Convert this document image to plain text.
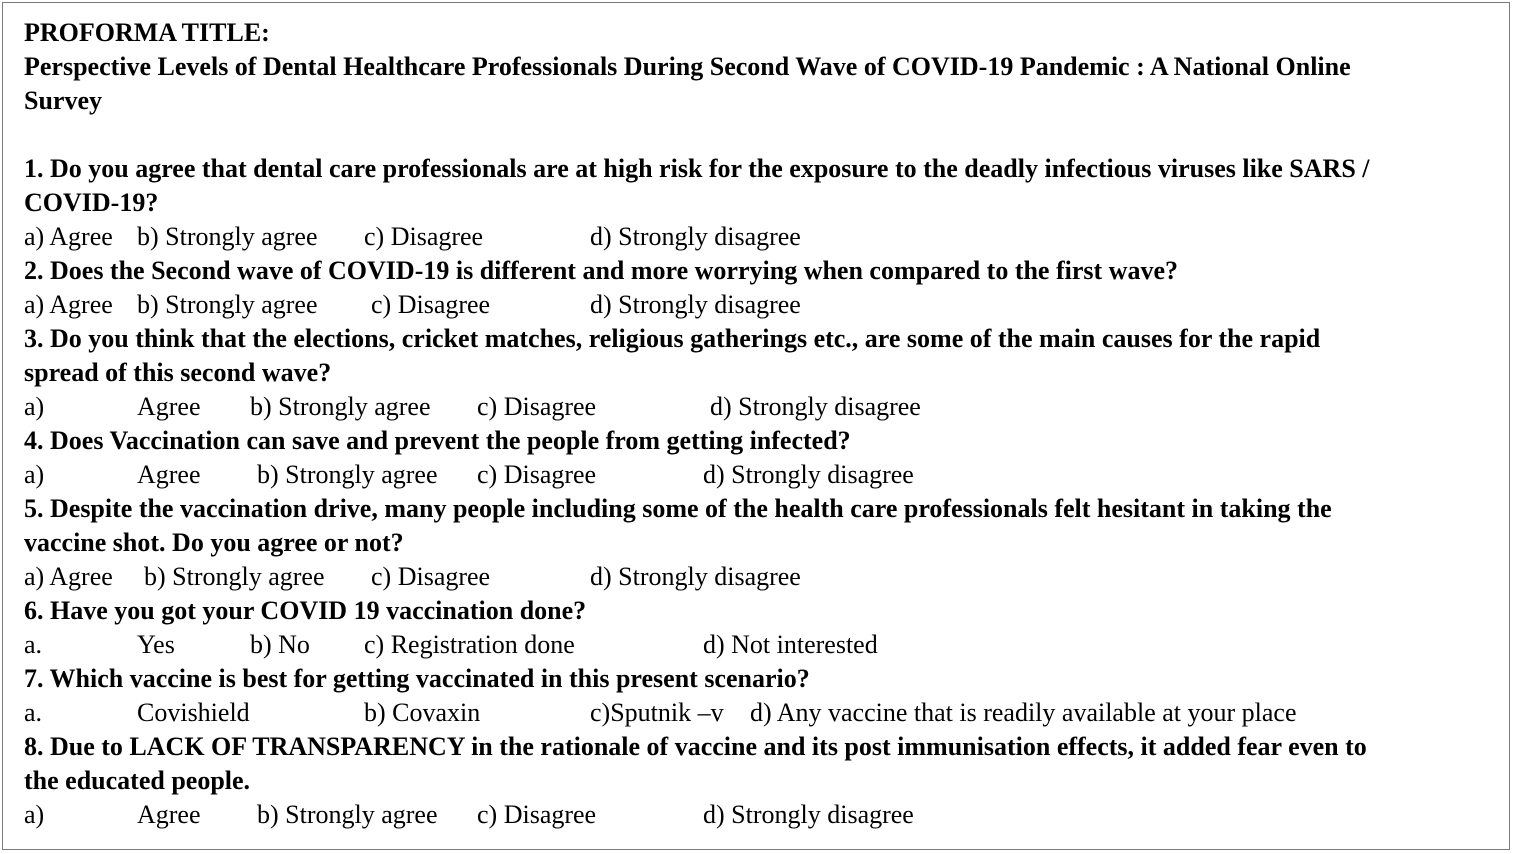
PROFORMA TITLE:
Perspective Levels of Dental Healthcare Professionals During Second Wave of COVID-19 Pandemic : A National Online
Survey
1. Do you agree that dental care professionals are at high risk for the exposure to the deadly infectious viruses like SARS /
COVID-19?
a) Agree b) Strongly agree c) Disagree	d) Strongly disagree
2. Does the Second wave of COVID-19 is different and more worrying when compared to the first wave?
a) Agree b) Strongly agree c) Disagree	d) Strongly disagree
3. Do you think that the elections, cricket matches, religious gatherings etc., are some of the main causes for the rapid
spread of this second wave?
a)	Agree b) Strongly agree c) Disagree	d) Strongly disagree
4. Does Vaccination can save and prevent the people from getting infected?
a)	Agree b) Strongly agree c) Disagree	d) Strongly disagree
5. Despite the vaccination drive, many people including some of the health care professionals felt hesitant in taking the
vaccine shot. Do you agree or not?
a) Agree b) Strongly agree c) Disagree	d) Strongly disagree
6. Have you got your COVID 19 vaccination done?
a.	Yes	b) No c) Registration done	d) Not interested
7. Which vaccine is best for getting vaccinated in this present scenario?
a.	Covishield	b) Covaxin	c)Sputnik –v d) Any vaccine that is readily available at your place
8. Due to LACK OF TRANSPARENCY in the rationale of vaccine and its post immunisation effects, it added fear even to
the educated people.
a)	Agree b) Strongly agree c) Disagree	d) Strongly disagree
